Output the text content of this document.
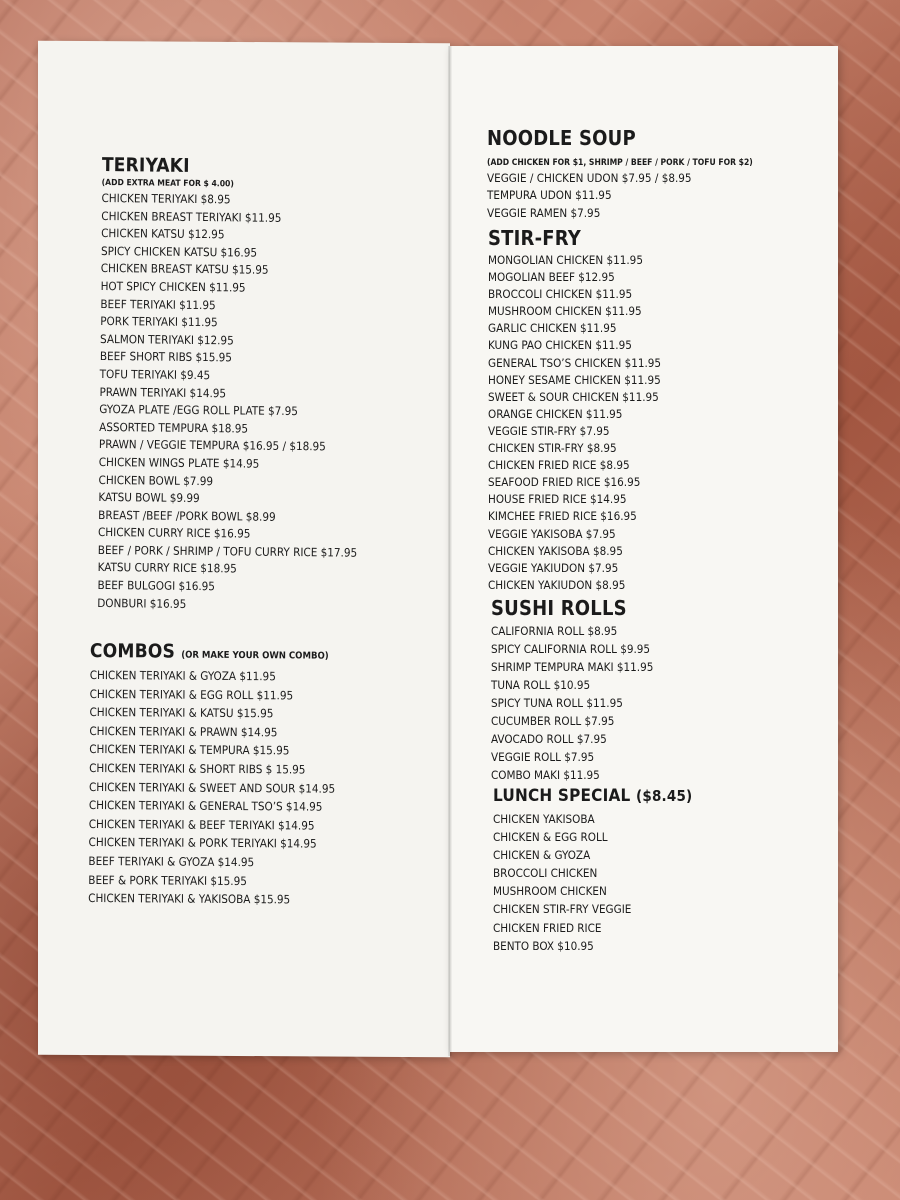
TERIYAKI
(ADD EXTRA MEAT FOR $ 4.00)
CHICKEN TERIYAKI $8.95
CHICKEN BREAST TERIYAKI $11.95
CHICKEN KATSU $12.95
SPICY CHICKEN KATSU $16.95
CHICKEN BREAST KATSU $15.95
HOT SPICY CHICKEN $11.95
BEEF TERIYAKI $11.95
PORK TERIYAKI $11.95
SALMON TERIYAKI $12.95
BEEF SHORT RIBS $15.95
TOFU TERIYAKI $9.45
PRAWN TERIYAKI $14.95
GYOZA PLATE /EGG ROLL PLATE $7.95
ASSORTED TEMPURA $18.95
PRAWN / VEGGIE TEMPURA $16.95 / $18.95
CHICKEN WINGS PLATE $14.95
CHICKEN BOWL $7.99
KATSU BOWL $9.99
BREAST /BEEF /PORK BOWL $8.99
CHICKEN CURRY RICE $16.95
BEEF / PORK / SHRIMP / TOFU CURRY RICE $17.95
KATSU CURRY RICE $18.95
BEEF BULGOGI $16.95
DONBURI $16.95
COMBOS (OR MAKE YOUR OWN COMBO)
CHICKEN TERIYAKI & GYOZA $11.95
CHICKEN TERIYAKI & EGG ROLL $11.95
CHICKEN TERIYAKI & KATSU $15.95
CHICKEN TERIYAKI & PRAWN $14.95
CHICKEN TERIYAKI & TEMPURA $15.95
CHICKEN TERIYAKI & SHORT RIBS $ 15.95
CHICKEN TERIYAKI & SWEET AND SOUR $14.95
CHICKEN TERIYAKI & GENERAL TSO’S $14.95
CHICKEN TERIYAKI & BEEF TERIYAKI $14.95
CHICKEN TERIYAKI & PORK TERIYAKI $14.95
BEEF TERIYAKI & GYOZA $14.95
BEEF & PORK TERIYAKI $15.95
CHICKEN TERIYAKI & YAKISOBA $15.95
NOODLE SOUP
(ADD CHICKEN FOR $1, SHRIMP / BEEF / PORK / TOFU FOR $2)
VEGGIE / CHICKEN UDON $7.95 / $8.95
TEMPURA UDON $11.95
VEGGIE RAMEN $7.95
STIR-FRY
MONGOLIAN CHICKEN $11.95
MOGOLIAN BEEF $12.95
BROCCOLI CHICKEN $11.95
MUSHROOM CHICKEN $11.95
GARLIC CHICKEN $11.95
KUNG PAO CHICKEN $11.95
GENERAL TSO’S CHICKEN $11.95
HONEY SESAME CHICKEN $11.95
SWEET & SOUR CHICKEN $11.95
ORANGE CHICKEN $11.95
VEGGIE STIR-FRY $7.95
CHICKEN STIR-FRY $8.95
CHICKEN FRIED RICE $8.95
SEAFOOD FRIED RICE $16.95
HOUSE FRIED RICE $14.95
KIMCHEE FRIED RICE $16.95
VEGGIE YAKISOBA $7.95
CHICKEN YAKISOBA $8.95
VEGGIE YAKIUDON $7.95
CHICKEN YAKIUDON $8.95
SUSHI ROLLS
CALIFORNIA ROLL $8.95
SPICY CALIFORNIA ROLL $9.95
SHRIMP TEMPURA MAKI $11.95
TUNA ROLL $10.95
SPICY TUNA ROLL $11.95
CUCUMBER ROLL $7.95
AVOCADO ROLL $7.95
VEGGIE ROLL $7.95
COMBO MAKI $11.95
LUNCH SPECIAL ($8.45)
CHICKEN YAKISOBA
CHICKEN & EGG ROLL
CHICKEN & GYOZA
BROCCOLI CHICKEN
MUSHROOM CHICKEN
CHICKEN STIR-FRY VEGGIE
CHICKEN FRIED RICE
BENTO BOX $10.95
